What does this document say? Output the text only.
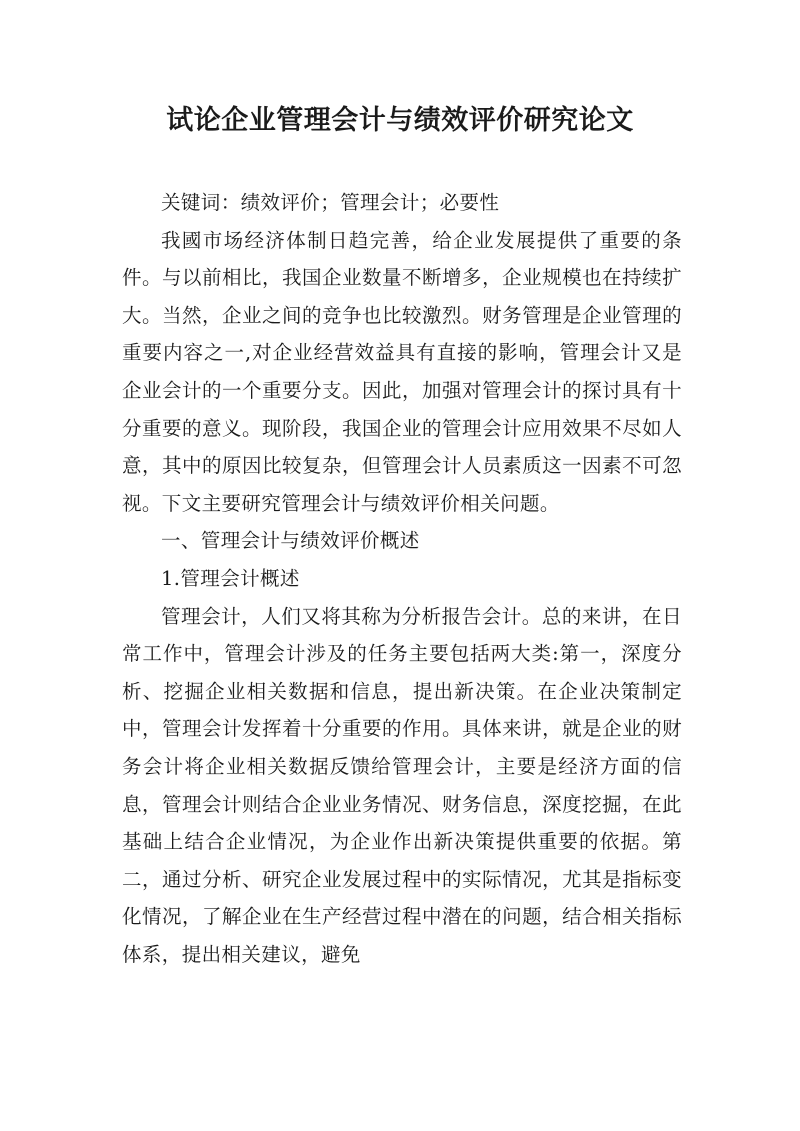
试论企业管理会计与绩效评价研究论文

关键词：绩效评价；管理会计；必要性

我國市场经济体制日趋完善，给企业发展提供了重要的条件。与以前相比，我国企业数量不断增多，企业规模也在持续扩大。当然，企业之间的竞争也比较激烈。财务管理是企业管理的重要内容之一,对企业经营效益具有直接的影响，管理会计又是企业会计的一个重要分支。因此，加强对管理会计的探讨具有十分重要的意义。现阶段，我国企业的管理会计应用效果不尽如人意，其中的原因比较复杂，但管理会计人员素质这一因素不可忽视。下文主要研究管理会计与绩效评价相关问题。

一、管理会计与绩效评价概述

1.管理会计概述

管理会计，人们又将其称为分析报告会计。总的来讲，在日常工作中，管理会计涉及的任务主要包括两大类:第一，深度分析、挖掘企业相关数据和信息，提出新决策。在企业决策制定中，管理会计发挥着十分重要的作用。具体来讲，就是企业的财务会计将企业相关数据反馈给管理会计，主要是经济方面的信息，管理会计则结合企业业务情况、财务信息，深度挖掘，在此基础上结合企业情况，为企业作出新决策提供重要的依据。第二，通过分析、研究企业发展过程中的实际情况，尤其是指标变化情况，了解企业在生产经营过程中潜在的问题，结合相关指标体系，提出相关建议，避免
